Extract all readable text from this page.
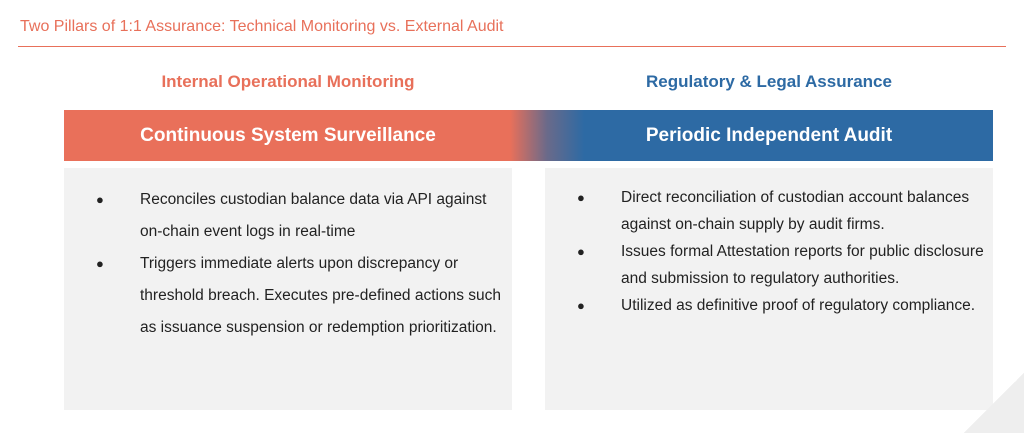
Two Pillars of 1:1 Assurance: Technical Monitoring vs. External Audit
Internal Operational Monitoring	Regulatory & Legal Assurance
Continuous System Surveillance	Periodic Independent Audit
● Reconciles custodian balance data via API against on-chain event logs in real-time
● Triggers immediate alerts upon discrepancy or threshold breach. Executes pre-defined actions such as issuance suspension or redemption prioritization.
● Direct reconciliation of custodian account balances against on-chain supply by audit firms.
● Issues formal Attestation reports for public disclosure and submission to regulatory authorities.
● Utilized as definitive proof of regulatory compliance.
